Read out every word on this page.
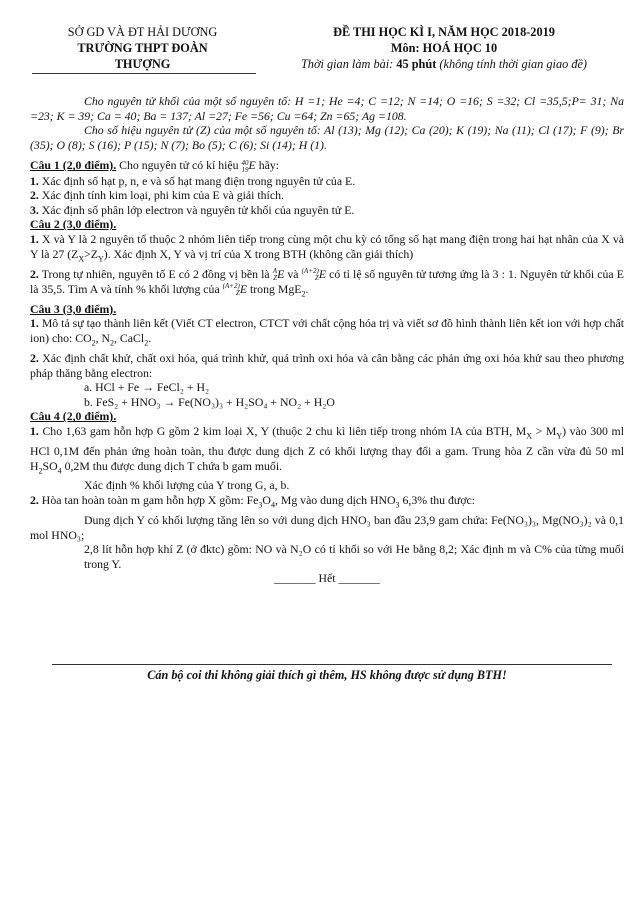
SỞ GD VÀ ĐT HẢI DƯƠNG
TRƯỜNG THPT ĐOÀN
THƯỢNG
ĐỀ THI HỌC KÌ I, NĂM HỌC 2018-2019
Môn: HOÁ HỌC 10
Thời gian làm bài: 45 phút (không tính thời gian giao đề)

Cho nguyên tử khối của một số nguyên tố: H =1; He =4; C =12; N =14; O =16; S =32; Cl =35,5;P= 31; Na =23; K = 39; Ca = 40; Ba = 137; Al =27; Fe =56; Cu =64; Zn =65; Ag =108.

Cho số hiệu nguyên tử (Z) của một số nguyên tố: Al (13); Mg (12); Ca (20); K (19); Na (11); Cl (17); F (9); Br (35); O (8); S (16); P (15); N (7); Bo (5); C (6); Si (14); H (1).

Câu 1 (2,0 điểm). Cho nguyên tử có kí hiệu 40
19E hãy:

1. Xác định số hạt p, n, e và số hạt mang điện trong nguyên tử của E.

2. Xác định tính kim loại, phi kim của E và giải thích.

3. Xác định số phân lớp electron và nguyên tử khối của nguyên tử E.

Câu 2 (3,0 điểm).

1. X và Y là 2 nguyên tố thuộc 2 nhóm liên tiếp trong cùng một chu kỳ có tổng số hạt mang điện trong hai hạt nhân của X và Y là 27 $(Z_X>Z_Y)$. Xác định X, Y và vị trí của X trong BTH (không cần giải thích)

2. Trong tự nhiên, nguyên tố E có 2 đồng vị bền là A
ZE và (A+2)
ZE có tỉ lệ số nguyên tử tương ứng là 3 : 1. Nguyên tử khối của E là 35,5. Tìm A và tính % khối lượng của (A+2)
ZE trong MgE$_2$.

Câu 3 (3,0 điểm).

1. Mô tả sự tạo thành liên kết (Viết CT electron, CTCT với chất cộng hóa trị và viết sơ đồ hình thành liên kết ion với hợp chất ion) cho: $CO_2$, $N_2$, CaCl$_2$.

2. Xác định chất khử, chất oxi hóa, quá trình khử, quá trình oxi hóa và cân bằng các phản ứng oxi hóa khử sau theo phương pháp thăng bằng electron:

a. HCl + Fe → FeCl₂ + H₂

b. FeS₂ + HNO₃ → Fe(NO₃)₃ + H₂SO₄ + NO₂ + H₂O

Câu 4 (2,0 điểm).

1. Cho 1,63 gam hỗn hợp G gồm 2 kim loại X, Y (thuộc 2 chu kì liên tiếp trong nhóm IA của BTH, $M_X > M_Y$) vào 300 ml HCl 0,1M đến phản ứng hoàn toàn, thu được dung dịch Z có khối lượng thay đổi a gam. Trung hòa Z cần vừa đủ 50 ml $H_2SO_4$ 0,2M thu được dung dịch T chứa b gam muối.

Xác định % khối lượng của Y trong G, a, b.

2. Hòa tan hoàn toàn m gam hỗn hợp X gồm: $Fe_3O_4$, Mg vào dung dịch $HNO_3$ 6,3% thu được:

Dung dịch Y có khối lượng tăng lên so với dung dịch HNO₃ ban đầu 23,9 gam chứa: Fe(NO₃)₃, Mg(NO₃)₂ và 0,1 mol HNO₃;

2,8 lít hỗn hợp khí Z (ở đktc) gồm: NO và N₂O có tỉ khối so với He bằng 8,2; Xác định m và C% của từng muối trong Y.

_______ Hết _______

Cán bộ coi thi không giải thích gì thêm, HS không được sử dụng BTH!
